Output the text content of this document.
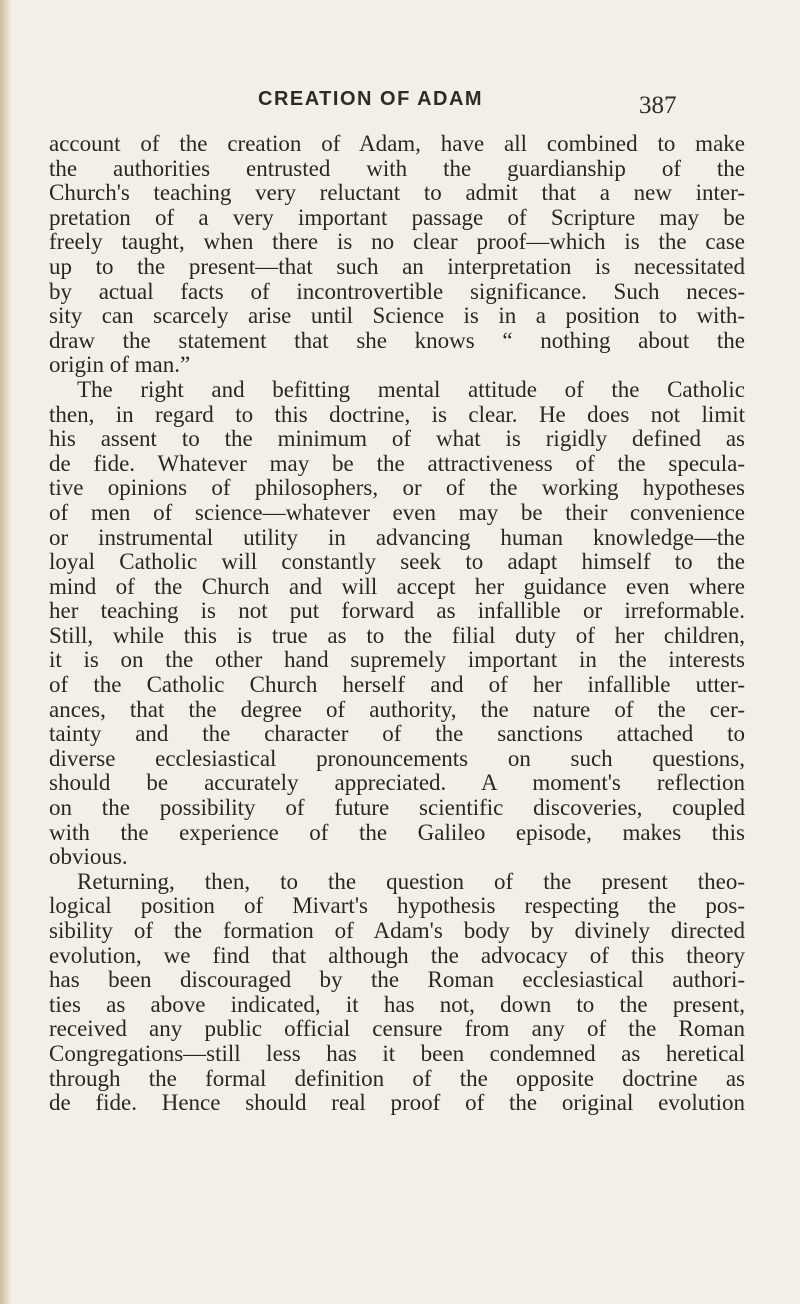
CREATION OF ADAM	387
account of the creation of Adam, have all combined to make
the authorities entrusted with the guardianship of the
Church's teaching very reluctant to admit that a new inter-
pretation of a very important passage of Scripture may be
freely taught, when there is no clear proof—which is the case
up to the present—that such an interpretation is necessitated
by actual facts of incontrovertible significance. Such neces-
sity can scarcely arise until Science is in a position to with-
draw the statement that she knows “ nothing about the
origin of man.”
The right and befitting mental attitude of the Catholic
then, in regard to this doctrine, is clear. He does not limit
his assent to the minimum of what is rigidly defined as
de fide. Whatever may be the attractiveness of the specula-
tive opinions of philosophers, or of the working hypotheses
of men of science—whatever even may be their convenience
or instrumental utility in advancing human knowledge—the
loyal Catholic will constantly seek to adapt himself to the
mind of the Church and will accept her guidance even where
her teaching is not put forward as infallible or irreformable.
Still, while this is true as to the filial duty of her children,
it is on the other hand supremely important in the interests
of the Catholic Church herself and of her infallible utter-
ances, that the degree of authority, the nature of the cer-
tainty and the character of the sanctions attached to
diverse ecclesiastical pronouncements on such questions,
should be accurately appreciated. A moment's reflection
on the possibility of future scientific discoveries, coupled
with the experience of the Galileo episode, makes this
obvious.
Returning, then, to the question of the present theo-
logical position of Mivart's hypothesis respecting the pos-
sibility of the formation of Adam's body by divinely directed
evolution, we find that although the advocacy of this theory
has been discouraged by the Roman ecclesiastical authori-
ties as above indicated, it has not, down to the present,
received any public official censure from any of the Roman
Congregations—still less has it been condemned as heretical
through the formal definition of the opposite doctrine as
de fide. Hence should real proof of the original evolution
